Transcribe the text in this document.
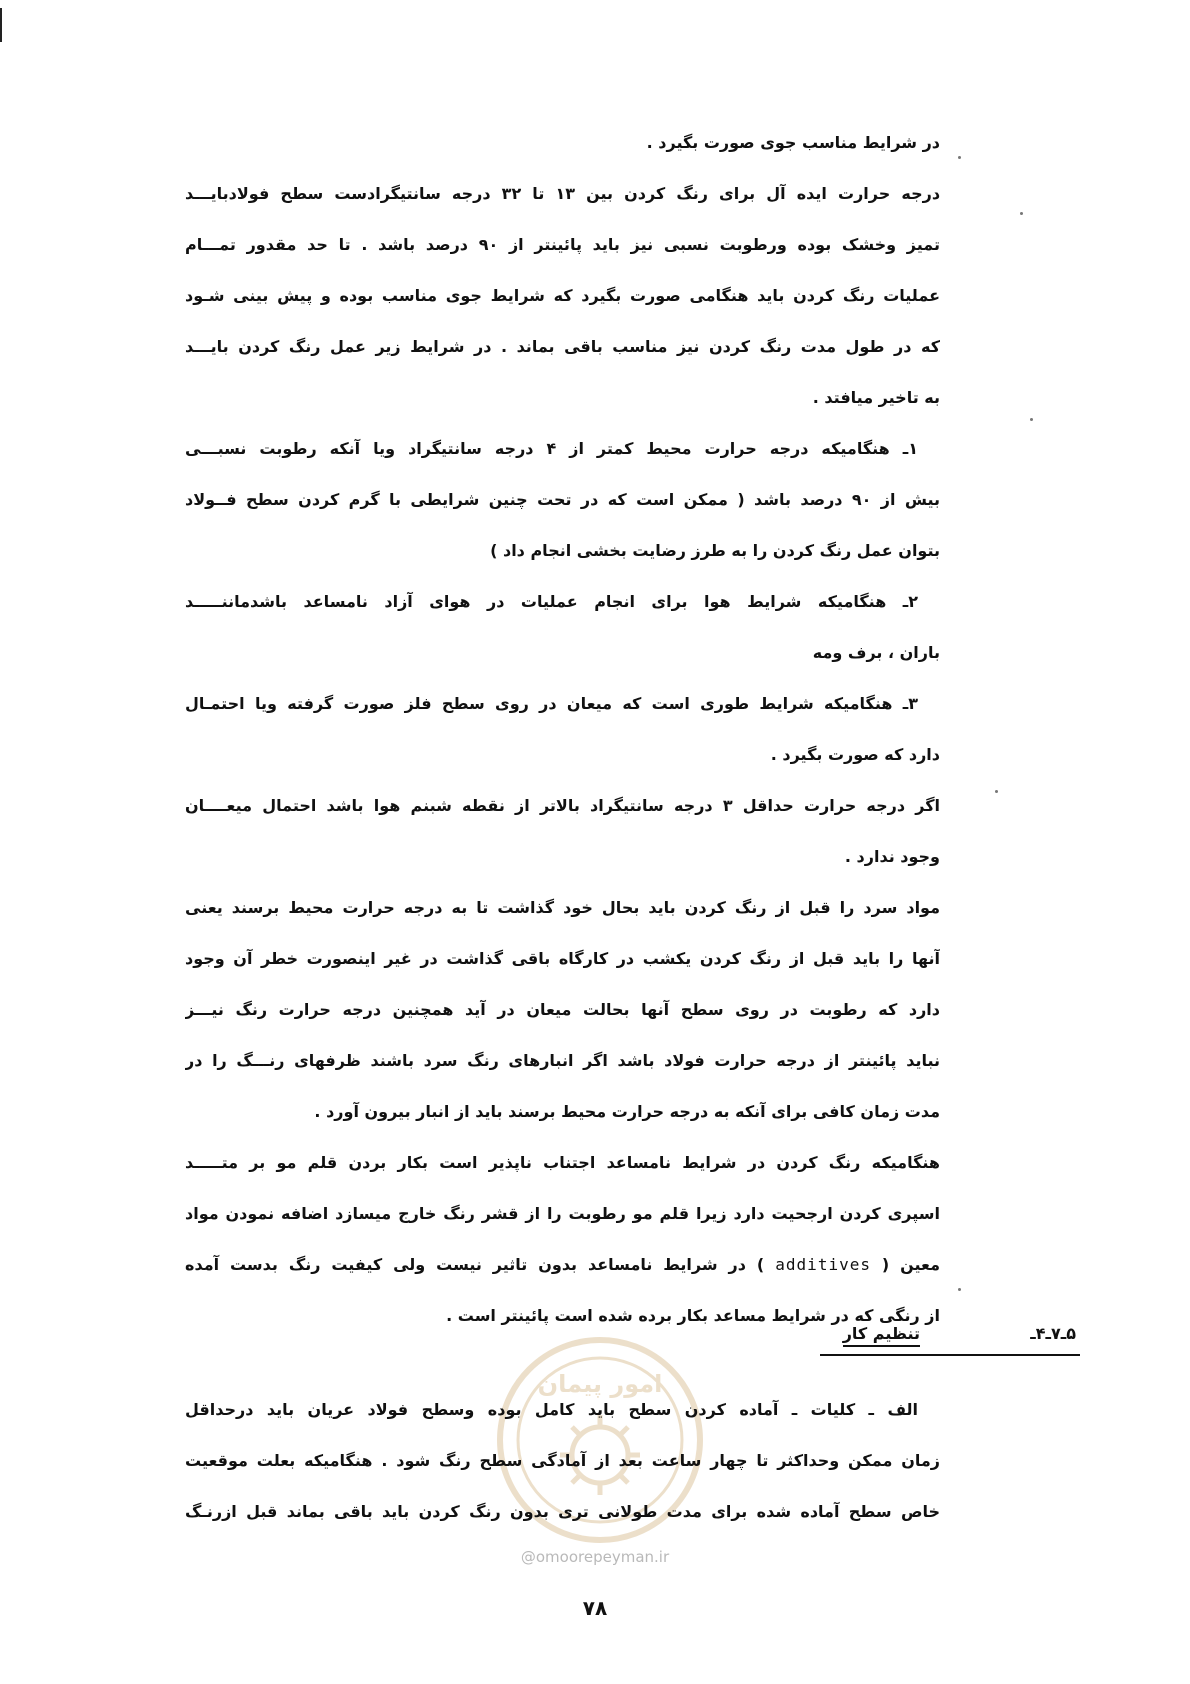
در شرایط مناسب جوی صورت بگیرد .
درجه حرارت ایده آل برای رنگ کردن بین ۱۳ تا ۳۲ درجه سانتیگرادست سطح فولادبایـــد
تمیز وخشک بوده ورطوبت نسبی نیز باید پائینتر از ۹۰ درصد باشد . تا حد مقدور تمـــام
عملیات رنگ کردن باید هنگامی صورت بگیرد که شرایط جوی مناسب بوده و پیش بینی شـود
که در طول مدت رنگ کردن نیز مناسب باقی بماند . در شرایط زیر عمل رنگ کردن بایـــد
به تاخیر میافتد .
۱ـ هنگامیکه درجه حرارت محیط کمتر از ۴ درجه سانتیگراد ویا آنکه رطوبت نسبـــی
بیش از ۹۰ درصد باشد ( ممکن است که در تحت چنین شرایطی با گرم کردن سطح فــولاد
بتوان عمل رنگ کردن را به طرز رضایت بخشی انجام داد )
۲ـ هنگامیکه شرایط هوا برای انجام عملیات در هوای آزاد نامساعد باشدماننـــــد
باران ، برف ومه
۳ـ هنگامیکه شرایط طوری است که میعان در روی سطح فلز صورت گرفته ویا احتمـال
دارد که صورت بگیرد .
اگر درجه حرارت حداقل ۳ درجه سانتیگراد بالاتر از نقطه شبنم هوا باشد احتمال میعــــان
وجود ندارد .
مواد سرد را قبل از رنگ کردن باید بحال خود گذاشت تا به درجه حرارت محیط برسند یعنی
آنها را باید قبل از رنگ کردن یکشب در کارگاه باقی گذاشت در غیر اینصورت خطر آن وجود
دارد که رطوبت در روی سطح آنها بحالت میعان در آید همچنین درجه حرارت رنگ نیـــز
نباید پائینتر از درجه حرارت فولاد باشد اگر انبارهای رنگ سرد باشند ظرفهای رنـــگ را در
مدت زمان کافی برای آنکه به درجه حرارت محیط برسند باید از انبار بیرون آورد .
هنگامیکه رنگ کردن در شرایط نامساعد اجتناب ناپذیر است بکار بردن قلم مو بر متـــــد
اسپری کردن ارجحیت دارد زیرا قلم مو رطوبت را از قشر رنگ خارج میسازد اضافه نمودن مواد
معین ( additives ) در شرایط نامساعد بدون تاثیر نیست ولی کیفیت رنگ بدست آمده
از رنگی که در شرایط مساعد بکار برده شده است پائینتر است .
۵ـ۷ـ۴ـ
تنظیم کار
امور پیمان
@omoorepeyman.ir
الف ـ کلیات ـ آماده کردن سطح باید کامل بوده وسطح فولاد عریان باید درحداقل
زمان ممکن وحداکثر تا چهار ساعت بعد از آمادگی سطح رنگ شود . هنگامیکه بعلت موقعیت
خاص سطح آماده شده برای مدت طولانی تری بدون رنگ کردن باید باقی بماند قبل ازرنـگ
۷۸
